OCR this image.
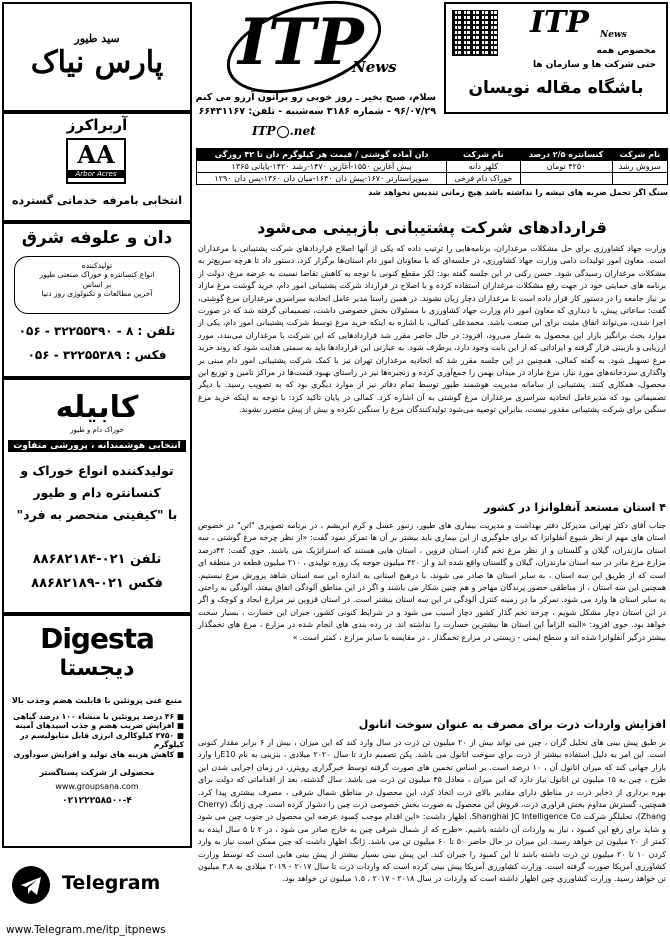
سید طیور
پارس نیاک
آربراکرز
AA
Arbor Acres
انتخابی بامرفه
خدماتی گسترده
دان و علوفه شرق
تولیدکننده
انواع کنسانتره و خوراک صنعتی طیور
بر اساس
آخرین مطالعات و تکنولوژی روز دنیا
تلفن : ۸ - ۳۲۲۵۵۳۹۰ - ۰۵۶
فکس : ۳۲۲۵۵۳۸۹ - ۰۵۶
کابیله
خوراک دام و طیور
انتخابی هوشمندانه ، پرورشی متفاوت
تولیدکننده انواع خوراک و
کنسانتره دام و طیور
با "کیفیتی منحصر به فرد"
تلفن ۰۲۱-۸۸۶۸۲۱۸۴
فکس ۰۲۱-۸۸۶۸۲۱۸۹
Digesta
دیجستا
منبع غنی پروتئین با قابلیت هضم وجذب بالا
■ ۴۶ درصد پروتئین با منشاء ۱۰۰ درصد گیاهی
■ افزایش ضریب هضم و جذب اسیدهای آمینه
■ ۲۷۵۰ کیلوکالری انرژی قابل متابولیسم در کیلوگرم
■ کاهش هزینه های تولید و افزایش سودآوری
محصولی از شرکت پسناگستر
www.groupsana.com
۰۲۱۲۲۲۵۸۵۰۰-۴
Telegram
www.Telegram.me/itp_itpnews
ITP
News
سلام، صبح بخیر ـ روز خوبی رو براتون آرزو می کنم
۹۶/۰۷/۲۹ - شماره ۳۱۸۶ سه‌شنبه - تلفن: ۶۶۴۳۱۱۶۷
ITP .net
ITP News
مخصوص همه
حتی شرکت ها و سازمان ها
باشگاه مقاله نویسان
نام شرکت	کنسانتره ۲/۵ درصد	نام شرکت	دان آماده گوشتی / قیمت هر کیلوگرم دان تا ۴۲ روزگی
سروش رشد	۴۲۵۰ تومان	کلهر دانه	پیش آغازین ۱۵۵۰-آغازین ۱۴۷۰-رشد ۱۴۲۰-پایانی ۱۳۶۵
		خوراک دام فرخی	سوپراستارتر ۱۶۷۰-پیش دان ۱۶۴۰-میان دان ۱۳۶۰-پس دان ۱۲۹۰
سنگ اگر تحمل ضربه های تیشه را نداشته باشد هیچ زمانی تندیس نخواهد شد
قراردادهای شرکت پشتیبانی بازبینی می‌شود
وزارت جهاد کشاورزی برای حل مشکلات مرغداران، برنامه‌هایی را ترتیب داده که یکی از آنها اصلاح قراردادهای شرکت پشتیبانی با مرغداران است. معاون امور تولیدات دامی وزارت جهاد کشاورزی، در جلسه‌ای که با معاونان امور دام استان‌ها برگزار کرد، دستور داد تا هرچه سریع‌تر به مشکلات مرغداران رسیدگی شود. حسن رکنی در این جلسه گفته بود: لکر مقطع کنونی با توجه به کاهش تقاضا نسبت به عرضه مرغ، دولت از برنامه های حمایتی خود در جهت رفع مشکلات مرغداران استفاده کرده و با اصلاح در قرارداد شرکت پشتیبانی امور دام، خرید گوشت مرغ مازاد بر نیاز جامعه را در دستور کار قرار داده است تا مرغداران دچار زیان نشوند. در همین راستا مدیر عامل اتحادیه سراسری مرغداران مرغ گوشتی، گفت: ساعاتی پیش، با دیداری که معاون امور دام وزارت جهاد کشاورزی با مسئولان بخش خصوصی داشت، تصمیماتی گرفته شد که در صورت اجرا شدن، می‌تواند اتفاق مثبت برای این صنعت باشد. محمدعلی کمالی، با اشاره به اینکه خرید مرغ توسط شرکت پشتیبانی امور دام، یکی از موارد بحث برانگیز بازار این محصول به شمار می‌رود، افزود: در حال حاضر مقرر شد قراردادهایی که این شرکت با مرغداران می‌بندد، مورد ارزیابی و بازبینی قرار گرفته و ایراداتی که از این بابت وجود دارد، برطرف شود. به عبارتی این قراردادها باید به سمتی هدایت شود که روند خرید مرغ تسهیل شود. به گفته کمالی، همچنین در این جلسه مقرر شد که اتحادیه مرغداران تهران نیز با کمک شرکت پشتیبانی امور دام مبنی بر واگذاری سردخانه‌های مورد نیاز، مرغ مازاد در میدان بهمن را جمع‌آوری کرده و زنجیره‌ها نیز در راستای بهبود قیمت‌ها در مراکز تامین و توزیع این محصول، همکاری کنند. پشتیبانی از سامانه مدیریت هوشمند طیور توسط تمام دفاتر نیز از موارد دیگری بود که به تصویب رسید. با دیگر تصمیماتی بود که مدیرعامل اتحادیه سراسری مرغداران مرغ گوشتی به آن اشاره کرد. کمالی در پایان تاکید کرد: با توجه به اینکه خرید مرغ سنگین برای شرکت پشتیبانی مقدور نیست، بنابراین توصیه می‌شود تولیدکنندگان مرغ را سنگین نکرده و بیش از پیش متضرر نشوند.
۴ استان مستعد آنفلوانزا در کشور
جناب آقای دکتر تهرانی مدیرکل دفتر بهداشت و مدیریت بیماری های طیور، زنبور عسل و کرم ابریشم ، در برنامه تصویری "اتن" در خصوص استان های مهم از نظر شیوع آنفلوانزا که برای جلوگیری از این بیماری باید بیشتر بر آن ها تمرکز نمود گفت: «از نظر چرخه مرغ گوشتی ، سه استان مازندران، گیلان و گلستان و از نظر مرغ تخم گذار، استان قزوین ، استان هایی هستند که استراتژیک می باشند. حوی گفت: ۴۲درصد مزارع مرغ مادر در سه استان مازندران، گیلان و گلستان واقع شده اند و از ۴۲۰ میلیون جوجه یک روزه تولیدی ، ۲۱۰ میلیون قطعه در منطقه ای است که از طریق این سه استان ، به سایر استان ها صادر می شوند، با درهیچ استانی به اندازه این سه استان شاهد پرورش مرغ نیستیم. همچنین این سه استان ، از مناطقی حضور پرندگان مهاجر و هم چنین شکار می باشند و اگر در این مناطق آلودگی اتفاق بیفتد، آلودگی به راحتی به سایر استان ها وارد می شود. تمرکز ما در زمینه کنترل آلودگی در این سه استان بیشتر است. در استان قزوین نیز مزارع ایجاد و کوچک و اگر در این استان دچار مشکل شویم ، چرخه تخم گذار کشور دچار آسیب می شود و در شرایط کنونی کشور، جبران این خسارت ، بسیار سخت خواهد بود. حوی افزود: «البته الزاماً این استان ها بیشترین خسارت را نداشته اند. در رده بندی های انجام شده در مزارع ، مرغ های تخمگذار بیشتر درگیر آنفلوانزا شده اند و سطح ایمنی - زیستی در مزارع تخمگذار ، در مقایسه با سایر مزارع ، کمتر است. »
افزایش واردات ذرت برای مصرف به عنوان سوخت اتانول
بر طبق پیش بینی های تحلیل گران ، چین می تواند بیش از ۲۰ میلیون تن ذرت در سال وارد کند که این میزان ، بیش از ۶ برابر مقدار کنونی است. این امر به دلیل استفاده بیشتر از ذرت برای سوخت اتانول می باشد. پکن تصمیم دارد تا سال ۲۰۲۰ میلادی ، بنزینی به نام E10را وارد بازار جهانی کند که میزان اتانول آن ، ۱۰ درصد است. بر اساس تخمین های صورت گرفته توسط خبرگزاری رویترز، در زمان اجرایی شدن این طرح ، چین به ۱۵ میلیون تن اتانول نیاز دارد که این میزان ، معادل ۴۵ میلیون تن ذرت می باشد. سال گذشته، بعد از اقداماتی که دولت برای بهره برداری از ذخایر ذرت در مناطق دارای مقادیر بالای ذرت اتخاذ کرد، این محصول در مناطق شمال شرقی ، مصرف بیشتری پیدا کرد. همچنین، گسترش مداوم بخش فراوری ذرت، فروش این محصول به صورت بخش خصوصی ذرت چین را دشوار کرده است. چری ژانگ (Cherry Zhang)، تحلیلگر شرکت Shanghai JC Intelligence Co. اظهار داشت: «این اقدام موجب کمبود عرضه این محصول در جنوب چین می شود و شاید برای رفع این کمبود ، نیاز به واردات آن داشته باشیم. «طرح که از شمال شرقی چین به خارج صادر می شود ، در ۲ تا ۵ سال آینده به کمتر از ۲۰ میلیون تن خواهد رسید. این میزان در حال حاضر ۵۰ تا ۶۰ میلیون تن می باشد. ژانگ اظهار داشت که چین ممکن است نیاز به وارد کردن ۱۰ تا ۲۰ میلیون تن ذرت داشته باشد تا این کمبود را جبران کند. این پیش بینی بسیار بیشتر از پیش بینی هایی است که توسط وزارت کشاورزی آمریکا صورت گرفته است. وزارت کشاورزی آمریکا پیش بینی کرده است که واردات ذرت تا سال ۲۰۱۷ - ۲۰۱۹ میلادی به ۳.۸ میلیون تن خواهد رسید. وزارت کشاورزی چین اظهار داشته است که واردات در سال ۲۰۱۸ - ۲۰۱۷ ، ۱.۵ میلیون تن خواهد بود.
